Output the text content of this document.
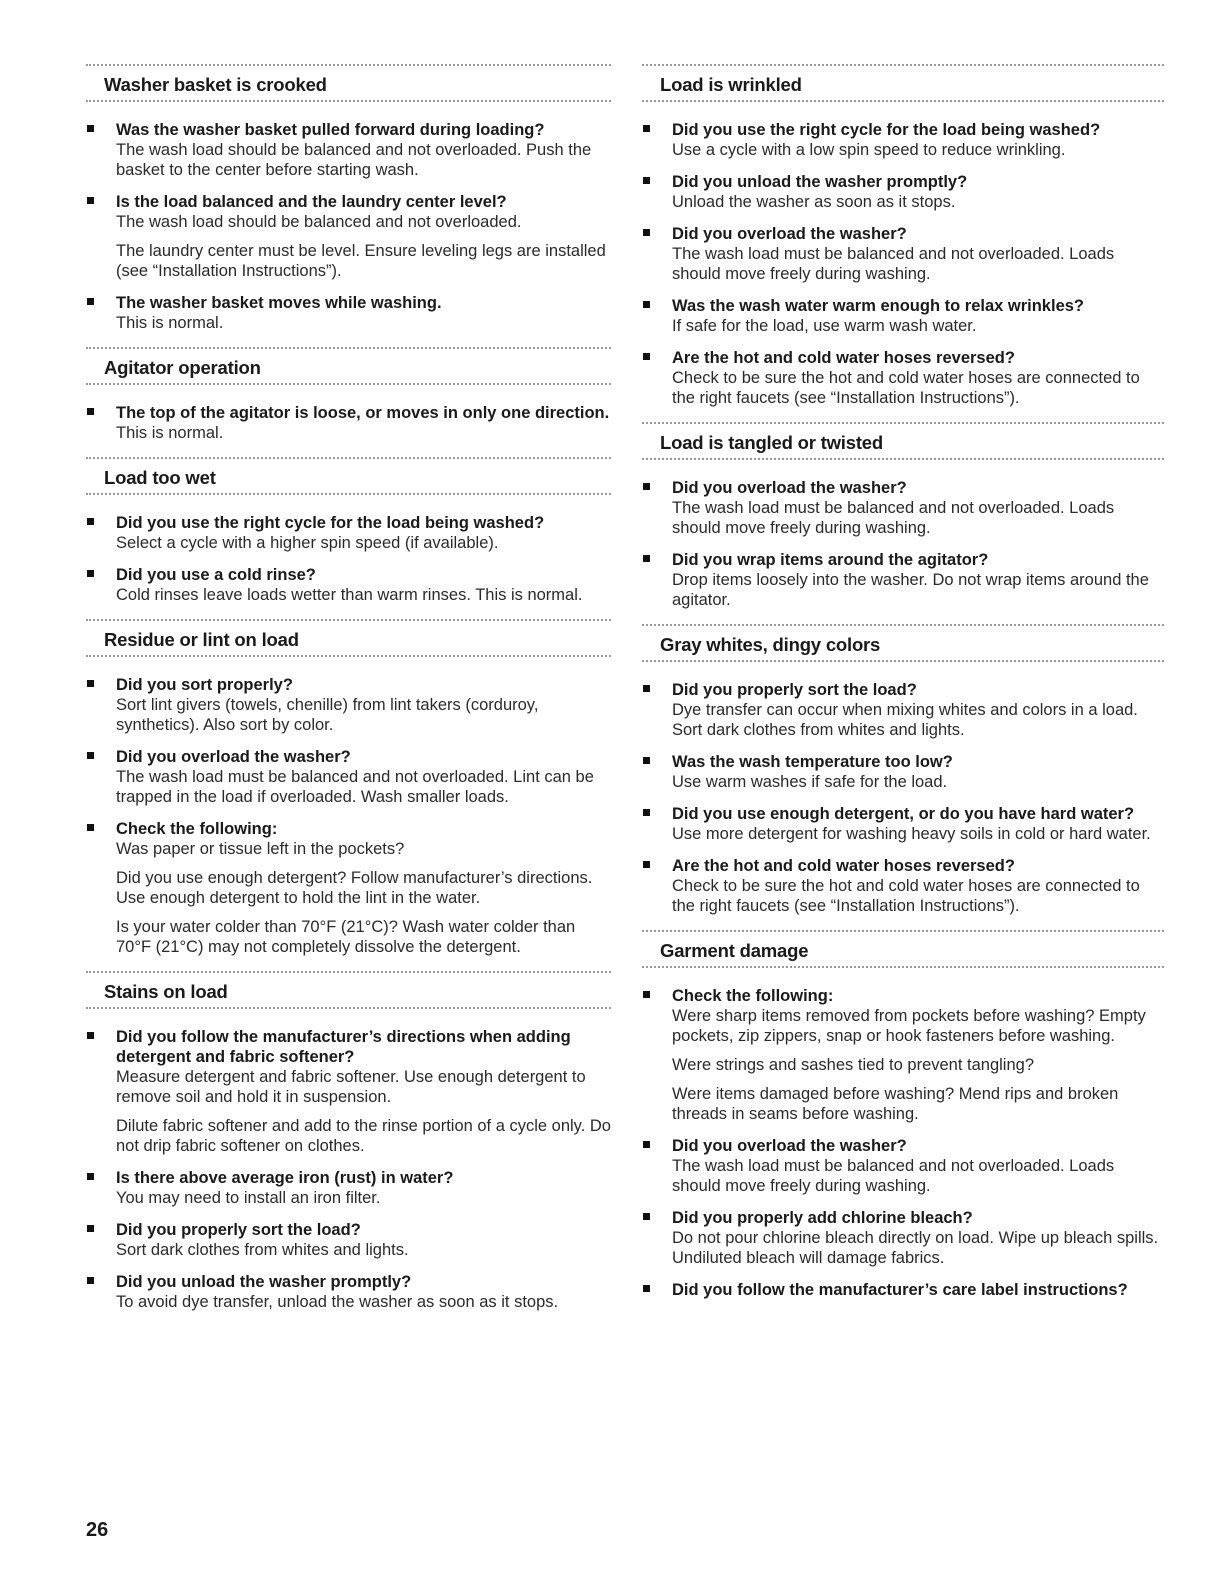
Washer basket is crooked
Was the washer basket pulled forward during loading?
The wash load should be balanced and not overloaded. Push the basket to the center before starting wash.
Is the load balanced and the laundry center level?
The wash load should be balanced and not overloaded.
The laundry center must be level. Ensure leveling legs are installed (see “Installation Instructions”).
The washer basket moves while washing.
This is normal.
Agitator operation
The top of the agitator is loose, or moves in only one direction.
This is normal.
Load too wet
Did you use the right cycle for the load being washed?
Select a cycle with a higher spin speed (if available).
Did you use a cold rinse?
Cold rinses leave loads wetter than warm rinses. This is normal.
Residue or lint on load
Did you sort properly?
Sort lint givers (towels, chenille) from lint takers (corduroy, synthetics). Also sort by color.
Did you overload the washer?
The wash load must be balanced and not overloaded. Lint can be trapped in the load if overloaded. Wash smaller loads.
Check the following:
Was paper or tissue left in the pockets?
Did you use enough detergent? Follow manufacturer’s directions. Use enough detergent to hold the lint in the water.
Is your water colder than 70°F (21°C)? Wash water colder than 70°F (21°C) may not completely dissolve the detergent.
Stains on load
Did you follow the manufacturer’s directions when adding detergent and fabric softener?
Measure detergent and fabric softener. Use enough detergent to remove soil and hold it in suspension.
Dilute fabric softener and add to the rinse portion of a cycle only. Do not drip fabric softener on clothes.
Is there above average iron (rust) in water?
You may need to install an iron filter.
Did you properly sort the load?
Sort dark clothes from whites and lights.
Did you unload the washer promptly?
To avoid dye transfer, unload the washer as soon as it stops.
Load is wrinkled
Did you use the right cycle for the load being washed?
Use a cycle with a low spin speed to reduce wrinkling.
Did you unload the washer promptly?
Unload the washer as soon as it stops.
Did you overload the washer?
The wash load must be balanced and not overloaded. Loads should move freely during washing.
Was the wash water warm enough to relax wrinkles?
If safe for the load, use warm wash water.
Are the hot and cold water hoses reversed?
Check to be sure the hot and cold water hoses are connected to the right faucets (see “Installation Instructions”).
Load is tangled or twisted
Did you overload the washer?
The wash load must be balanced and not overloaded. Loads should move freely during washing.
Did you wrap items around the agitator?
Drop items loosely into the washer. Do not wrap items around the agitator.
Gray whites, dingy colors
Did you properly sort the load?
Dye transfer can occur when mixing whites and colors in a load. Sort dark clothes from whites and lights.
Was the wash temperature too low?
Use warm washes if safe for the load.
Did you use enough detergent, or do you have hard water?
Use more detergent for washing heavy soils in cold or hard water.
Are the hot and cold water hoses reversed?
Check to be sure the hot and cold water hoses are connected to the right faucets (see “Installation Instructions”).
Garment damage
Check the following:
Were sharp items removed from pockets before washing? Empty pockets, zip zippers, snap or hook fasteners before washing.
Were strings and sashes tied to prevent tangling?
Were items damaged before washing? Mend rips and broken threads in seams before washing.
Did you overload the washer?
The wash load must be balanced and not overloaded. Loads should move freely during washing.
Did you properly add chlorine bleach?
Do not pour chlorine bleach directly on load. Wipe up bleach spills. Undiluted bleach will damage fabrics.
Did you follow the manufacturer’s care label instructions?
26
